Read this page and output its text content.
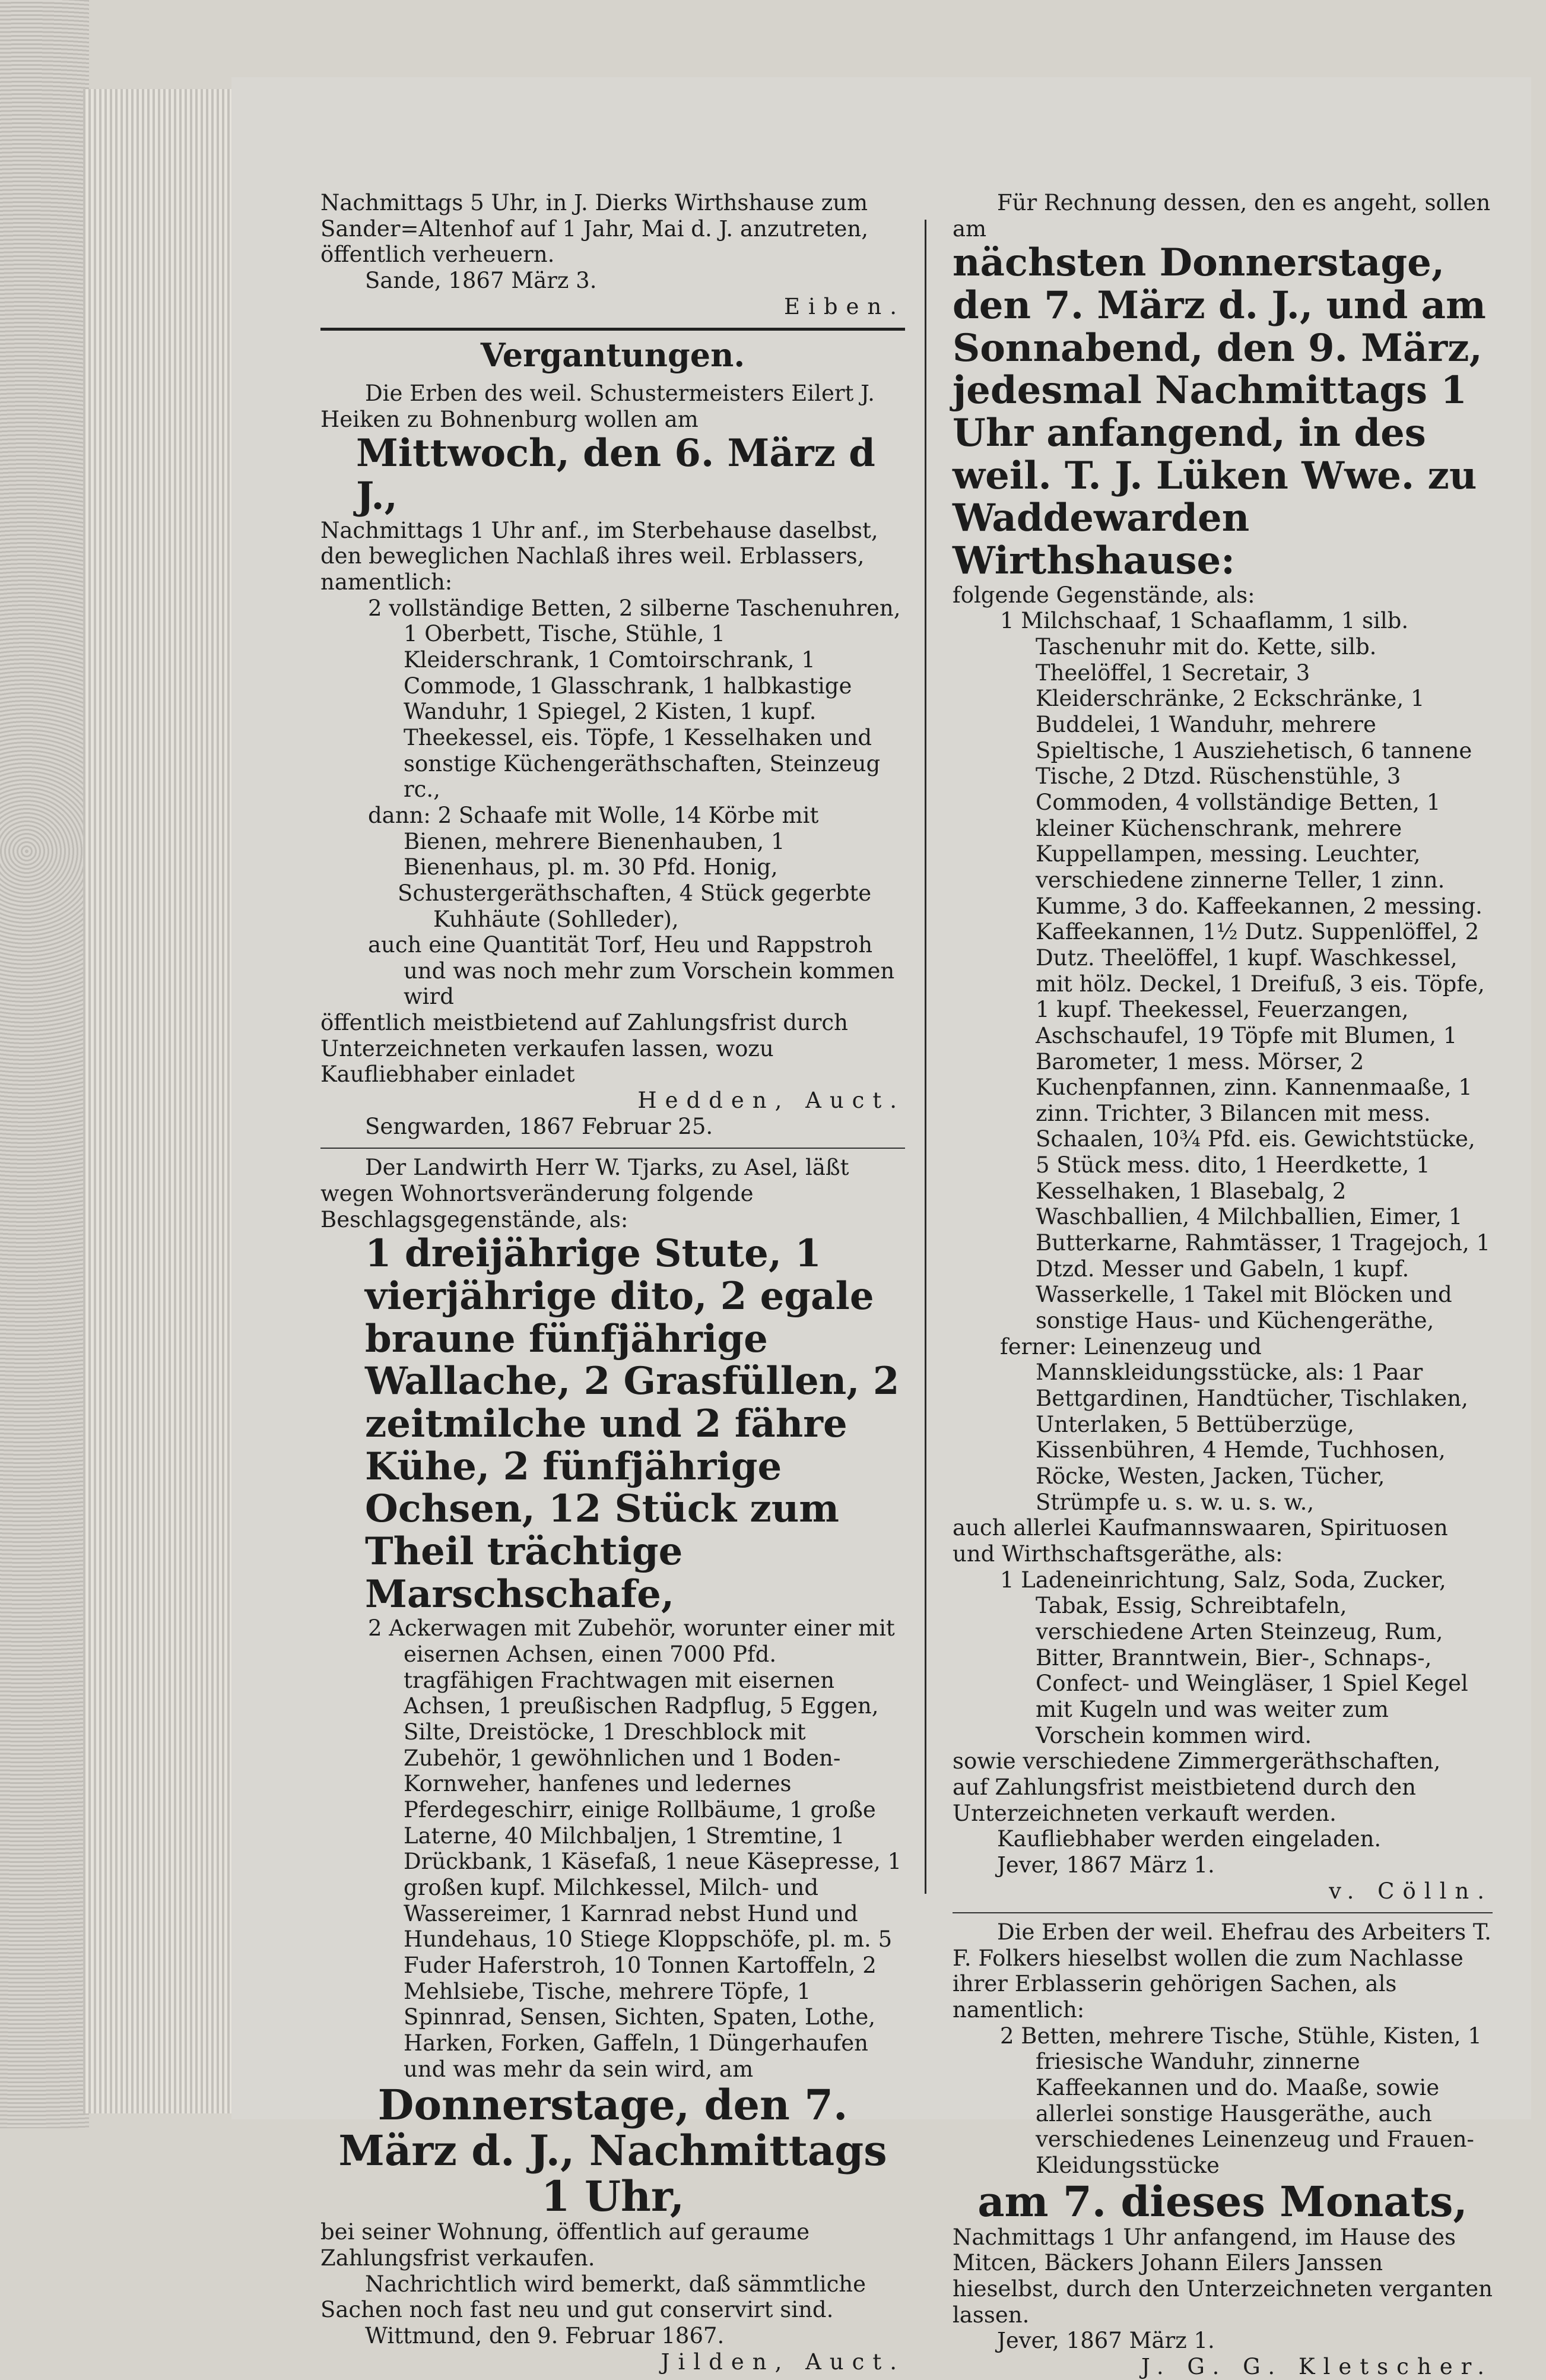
Nachmittags 5 Uhr, in J. Dierks Wirthshause zum Sander=Altenhof auf 1 Jahr, Mai d. J. anzutreten, öffentlich verheuern.

Sande, 1867 März 3.

Eiben.

Vergantungen.

Die Erben des weil. Schustermeisters Eilert J. Heiken zu Bohnenburg wollen am

Mittwoch, den 6. März d J.,

Nachmittags 1 Uhr anf., im Sterbehause daselbst, den beweglichen Nachlaß ihres weil. Erblassers, namentlich:

2 vollständige Betten, 2 silberne Taschenuhren, 1 Oberbett, Tische, Stühle, 1 Kleiderschrank, 1 Comtoirschrank, 1 Commode, 1 Glasschrank, 1 halbkastige Wanduhr, 1 Spiegel, 2 Kisten, 1 kupf. Theekessel, eis. Töpfe, 1 Kesselhaken und sonstige Küchengeräthschaften, Steinzeug rc.,

dann: 2 Schaafe mit Wolle, 14 Körbe mit Bienen, mehrere Bienenhauben, 1 Bienenhaus, pl. m. 30 Pfd. Honig,

Schustergeräthschaften, 4 Stück gegerbte Kuhhäute (Sohlleder),

auch eine Quantität Torf, Heu und Rappstroh und was noch mehr zum Vorschein kommen wird

öffentlich meistbietend auf Zahlungsfrist durch Unterzeichneten verkaufen lassen, wozu Kaufliebhaber einladet

Hedden, Auct.

Sengwarden, 1867 Februar 25.

Der Landwirth Herr W. Tjarks, zu Asel, läßt wegen Wohnortsveränderung folgende Beschlagsgegenstände, als:

1 dreijährige Stute, 1 vierjährige dito, 2 egale braune fünfjährige Wallache, 2 Grasfüllen, 2 zeitmilche und 2 fähre Kühe, 2 fünfjährige Ochsen, 12 Stück zum Theil trächtige Marschschafe,

2 Ackerwagen mit Zubehör, worunter einer mit eisernen Achsen, einen 7000 Pfd. tragfähigen Frachtwagen mit eisernen Achsen, 1 preußischen Radpflug, 5 Eggen, Silte, Dreistöcke, 1 Dreschblock mit Zubehör, 1 gewöhnlichen und 1 Boden-Kornweher, hanfenes und ledernes Pferdegeschirr, einige Rollbäume, 1 große Laterne, 40 Milchbaljen, 1 Stremtine, 1 Drückbank, 1 Käsefaß, 1 neue Käsepresse, 1 großen kupf. Milchkessel, Milch- und Wassereimer, 1 Karnrad nebst Hund und Hundehaus, 10 Stiege Kloppschöfe, pl. m. 5 Fuder Haferstroh, 10 Tonnen Kartoffeln, 2 Mehlsiebe, Tische, mehrere Töpfe, 1 Spinnrad, Sensen, Sichten, Spaten, Lothe, Harken, Forken, Gaffeln, 1 Düngerhaufen und was mehr da sein wird, am

Donnerstage, den 7. März d. J., Nachmittags 1 Uhr,

bei seiner Wohnung, öffentlich auf geraume Zahlungsfrist verkaufen.

Nachrichtlich wird bemerkt, daß sämmtliche Sachen noch fast neu und gut conservirt sind.

Wittmund, den 9. Februar 1867.

Jilden, Auct.

Für Rechnung dessen, den es angeht, sollen am

nächsten Donnerstage, den 7. März d. J., und am Sonnabend, den 9. März, jedesmal Nachmittags 1 Uhr anfangend, in des weil. T. J. Lüken Wwe. zu Waddewarden Wirthshause:

folgende Gegenstände, als:

1 Milchschaaf, 1 Schaaflamm, 1 silb. Taschenuhr mit do. Kette, silb. Theelöffel, 1 Secretair, 3 Kleiderschränke, 2 Eckschränke, 1 Buddelei, 1 Wanduhr, mehrere Spieltische, 1 Ausziehetisch, 6 tannene Tische, 2 Dtzd. Rüschenstühle, 3 Commoden, 4 vollständige Betten, 1 kleiner Küchenschrank, mehrere Kuppellampen, messing. Leuchter, verschiedene zinnerne Teller, 1 zinn. Kumme, 3 do. Kaffeekannen, 2 messing. Kaffeekannen, 1½ Dutz. Suppenlöffel, 2 Dutz. Theelöffel, 1 kupf. Waschkessel, mit hölz. Deckel, 1 Dreifuß, 3 eis. Töpfe, 1 kupf. Theekessel, Feuerzangen, Aschschaufel, 19 Töpfe mit Blumen, 1 Barometer, 1 mess. Mörser, 2 Kuchenpfannen, zinn. Kannenmaaße, 1 zinn. Trichter, 3 Bilancen mit mess. Schaalen, 10¾ Pfd. eis. Gewichtstücke, 5 Stück mess. dito, 1 Heerdkette, 1 Kesselhaken, 1 Blasebalg, 2 Waschballien, 4 Milchballien, Eimer, 1 Butterkarne, Rahmtässer, 1 Tragejoch, 1 Dtzd. Messer und Gabeln, 1 kupf. Wasserkelle, 1 Takel mit Blöcken und sonstige Haus- und Küchengeräthe,

ferner: Leinenzeug und Mannskleidungsstücke, als: 1 Paar Bettgardinen, Handtücher, Tischlaken, Unterlaken, 5 Bettüberzüge, Kissenbühren, 4 Hemde, Tuchhosen, Röcke, Westen, Jacken, Tücher, Strümpfe u. s. w. u. s. w.,

auch allerlei Kaufmannswaaren, Spirituosen und Wirthschaftsgeräthe, als:

1 Ladeneinrichtung, Salz, Soda, Zucker, Tabak, Essig, Schreibtafeln, verschiedene Arten Steinzeug, Rum, Bitter, Branntwein, Bier-, Schnaps-, Confect- und Weingläser, 1 Spiel Kegel mit Kugeln und was weiter zum Vorschein kommen wird.

sowie verschiedene Zimmergeräthschaften,

auf Zahlungsfrist meistbietend durch den Unterzeichneten verkauft werden.

Kaufliebhaber werden eingeladen.

Jever, 1867 März 1.

v. Cölln.

Die Erben der weil. Ehefrau des Arbeiters T. F. Folkers hieselbst wollen die zum Nachlasse ihrer Erblasserin gehörigen Sachen, als namentlich:

2 Betten, mehrere Tische, Stühle, Kisten, 1 friesische Wanduhr, zinnerne Kaffeekannen und do. Maaße, sowie allerlei sonstige Hausgeräthe, auch verschiedenes Leinenzeug und Frauen-Kleidungsstücke

am 7. dieses Monats,

Nachmittags 1 Uhr anfangend, im Hause des Mitcen, Bäckers Johann Eilers Janssen hieselbst, durch den Unterzeichneten verganten lassen.

Jever, 1867 März 1.

J. G. G. Kletscher.
